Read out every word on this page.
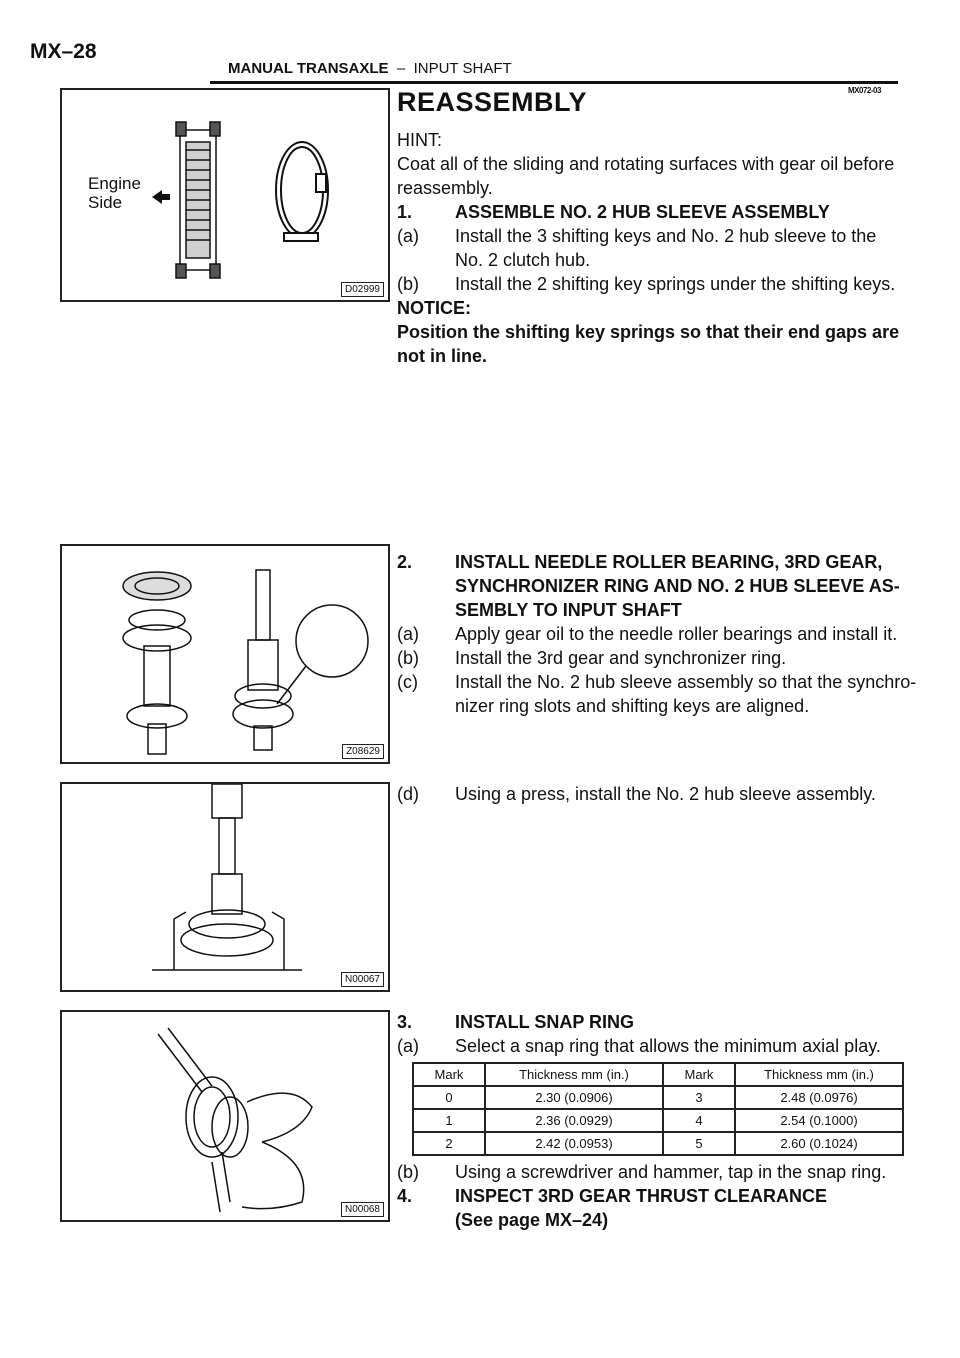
MX–28
MANUAL TRANSAXLE – INPUT SHAFT
MX072-03
Engine
Side
D02999
Z08629
N00067
N00068
REASSEMBLY
HINT:
Coat all of the sliding and rotating surfaces with gear oil before
reassembly.
1. ASSEMBLE NO. 2 HUB SLEEVE ASSEMBLY
(a) Install the 3 shifting keys and No. 2 hub sleeve to the
No. 2 clutch hub.
(b) Install the 2 shifting key springs under the shifting keys.
NOTICE:
Position the shifting key springs so that their end gaps are
not in line.
2. INSTALL NEEDLE ROLLER BEARING, 3RD GEAR,
SYNCHRONIZER RING AND NO. 2 HUB SLEEVE AS-
SEMBLY TO INPUT SHAFT
(a) Apply gear oil to the needle roller bearings and install it.
(b) Install the 3rd gear and synchronizer ring.
(c) Install the No. 2 hub sleeve assembly so that the synchro-
nizer ring slots and shifting keys are aligned.
(d) Using a press, install the No. 2 hub sleeve assembly.
3. INSTALL SNAP RING
(a) Select a snap ring that allows the minimum axial play.
Mark	Thickness mm (in.)	Mark	Thickness mm (in.)
0	2.30 (0.0906)	3	2.48 (0.0976)
1	2.36 (0.0929)	4	2.54 (0.1000)
2	2.42 (0.0953)	5	2.60 (0.1024)
(b) Using a screwdriver and hammer, tap in the snap ring.
4. INSPECT 3RD GEAR THRUST CLEARANCE
(See page MX–24)
